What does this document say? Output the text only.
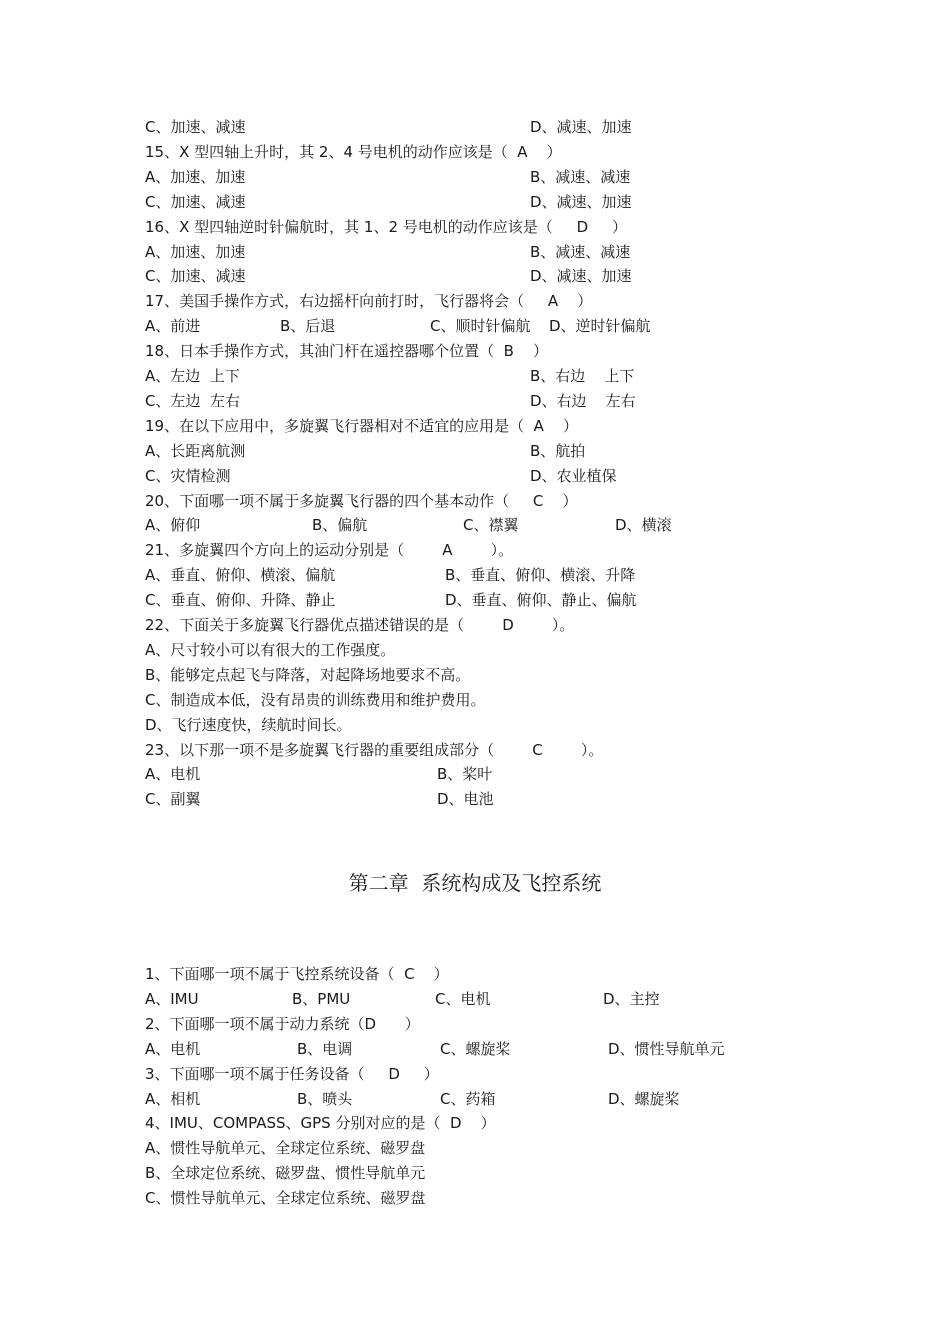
C、加速、减速	D、减速、加速
15、X 型四轴上升时，其 2、4 号电机的动作应该是（  A    ）
A、加速、加速	B、减速、减速
C、加速、减速	D、减速、加速
16、X 型四轴逆时针偏航时，其 1、2 号电机的动作应该是（     D     ）
A、加速、加速	B、减速、减速
C、加速、减速	D、减速、加速
17、美国手操作方式，右边摇杆向前打时，飞行器将会（     A    ）
A、前进	B、后退	C、顺时针偏航 D、逆时针偏航
18、日本手操作方式，其油门杆在遥控器哪个位置（  B    ）
A、左边  上下	B、右边    上下
C、左边  左右	D、右边    左右
19、在以下应用中，多旋翼飞行器相对不适宜的应用是（  A    ）
A、长距离航测	B、航拍
C、灾情检测	D、农业植保
20、下面哪一项不属于多旋翼飞行器的四个基本动作（     C    ）
A、俯仰	B、偏航	C、襟翼	D、横滚
21、多旋翼四个方向上的运动分别是（        A        ）。
A、垂直、俯仰、横滚、偏航	B、垂直、俯仰、横滚、升降
C、垂直、俯仰、升降、静止	D、垂直、俯仰、静止、偏航
22、下面关于多旋翼飞行器优点描述错误的是（        D        ）。
A、尺寸较小可以有很大的工作强度。
B、能够定点起飞与降落，对起降场地要求不高。
C、制造成本低，没有昂贵的训练费用和维护费用。
D、飞行速度快，续航时间长。
23、以下那一项不是多旋翼飞行器的重要组成部分（        C        ）。
A、电机	B、桨叶
C、副翼	D、电池
第二章  系统构成及飞控系统
1、下面哪一项不属于飞控系统设备（  C    ）
A、IMU	B、PMU	C、电机	D、主控
2、下面哪一项不属于动力系统（D      ）
A、电机	B、电调	C、螺旋桨	D、惯性导航单元
3、下面哪一项不属于任务设备（     D     ）
A、相机	B、喷头	C、药箱	D、螺旋桨
4、IMU、COMPASS、GPS 分别对应的是（  D    ）
A、惯性导航单元、全球定位系统、磁罗盘
B、全球定位系统、磁罗盘、惯性导航单元
C、惯性导航单元、全球定位系统、磁罗盘
